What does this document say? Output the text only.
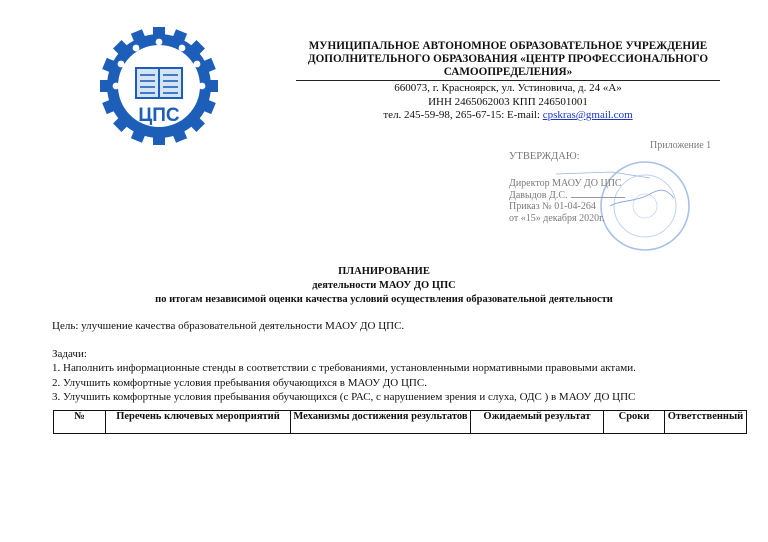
ЦПС
МУНИЦИПАЛЬНОЕ АВТОНОМНОЕ ОБРАЗОВАТЕЛЬНОЕ УЧРЕЖДЕНИЕ ДОПОЛНИТЕЛЬНОГО ОБРАЗОВАНИЯ «ЦЕНТР ПРОФЕССИОНАЛЬНОГО САМООПРЕДЕЛЕНИЯ»
660073, г. Красноярск, ул. Устиновича, д. 24 «А»
ИНН 2465062003 КПП 246501001
тел. 245-59-98, 265-67-15: E-mail: cpskras@gmail.com
Приложение 1
УТВЕРЖДАЮ:
Директор МАОУ ДО ЦПС
Давыдов Д.С.
Приказ № 01-04-264
от «15» декабря 2020г.
ПЛАНИРОВАНИЕ
деятельности МАОУ ДО ЦПС
по итогам независимой оценки качества условий осуществления образовательной деятельности
Цель: улучшение качества образовательной деятельности МАОУ ДО ЦПС.
Задачи:
1. Наполнить информационные стенды в соответствии с требованиями, установленными нормативными правовыми актами.
2. Улучшить комфортные условия пребывания обучающихся в МАОУ ДО ЦПС.
3. Улучшить комфортные условия пребывания обучающихся (с РАС, с нарушением зрения и слуха, ОДС ) в МАОУ ДО ЦПС
№	Перечень ключевых мероприятий	Механизмы достижения результатов	Ожидаемый результат	Сроки	Ответственный
